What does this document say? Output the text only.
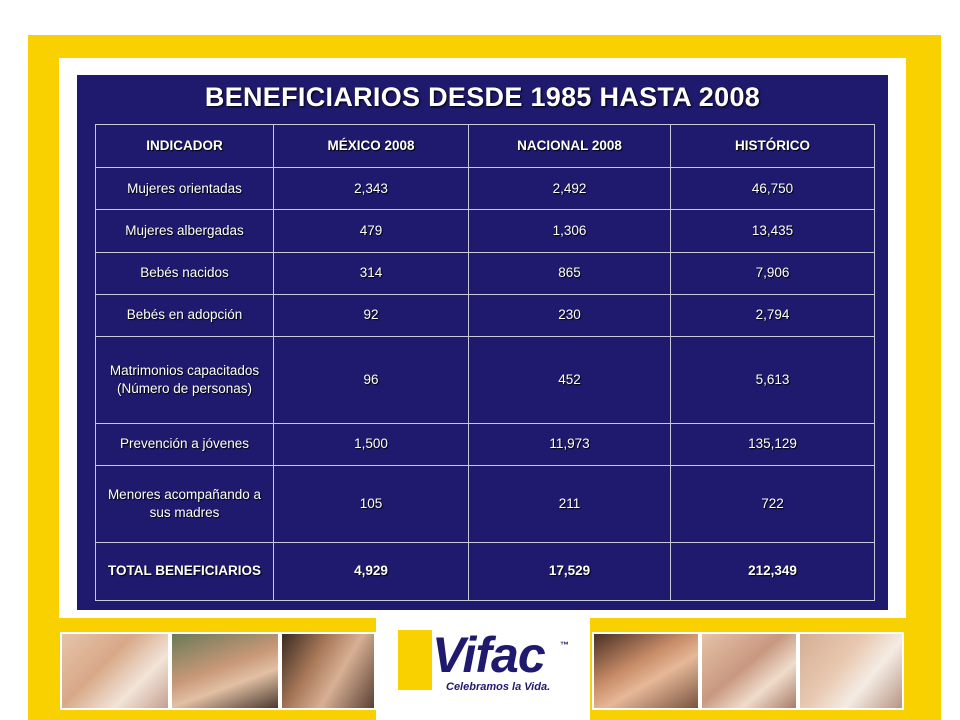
BENEFICIARIOS DESDE 1985 HASTA 2008
INDICADOR	MÉXICO 2008	NACIONAL 2008	HISTÓRICO
Mujeres orientadas	2,343	2,492	46,750
Mujeres albergadas	479	1,306	13,435
Bebés nacidos	314	865	7,906
Bebés en adopción	92	230	2,794
Matrimonios capacitados (Número de personas)	96	452	5,613
Prevención a jóvenes	1,500	11,973	135,129
Menores acompañando a sus madres	105	211	722
TOTAL BENEFICIARIOS	4,929	17,529	212,349
Vifac ™
Celebramos la Vida.
